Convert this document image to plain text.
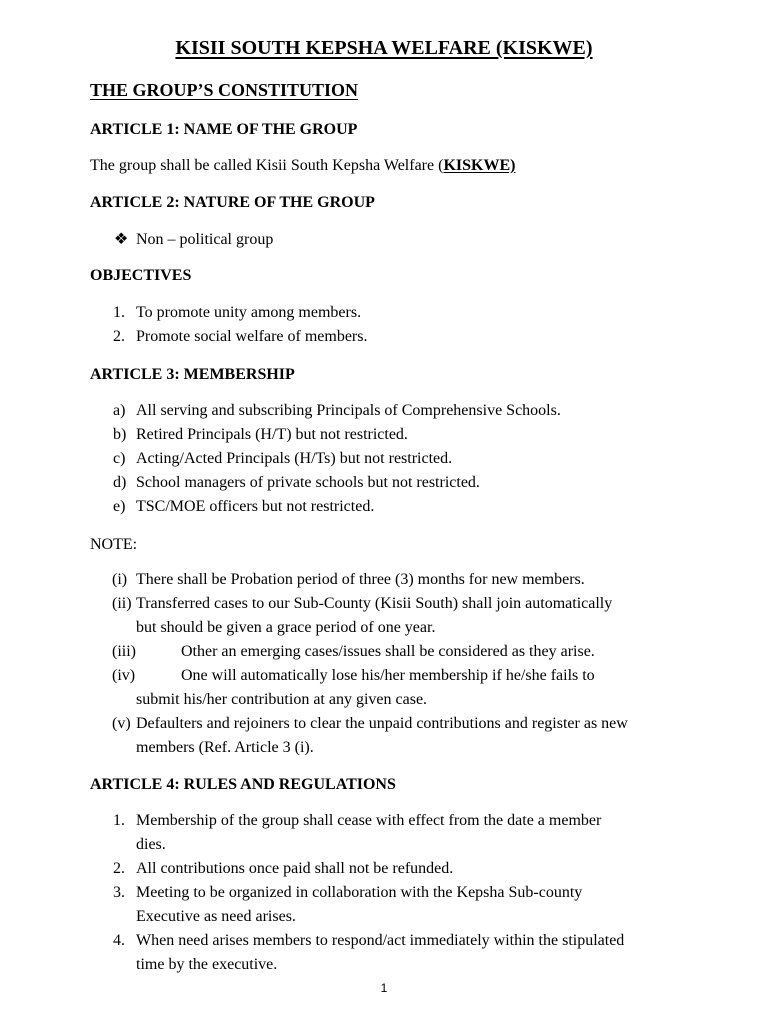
KISII SOUTH KEPSHA WELFARE (KISKWE)
THE GROUP’S CONSTITUTION
ARTICLE 1: NAME OF THE GROUP
The group shall be called Kisii South Kepsha Welfare (KISKWE)
ARTICLE 2: NATURE OF THE GROUP
❖ Non – political group
OBJECTIVES
1. To promote unity among members.
2. Promote social welfare of members.
ARTICLE 3: MEMBERSHIP
a) All serving and subscribing Principals of Comprehensive Schools.
b) Retired Principals (H/T) but not restricted.
c) Acting/Acted Principals (H/Ts) but not restricted.
d) School managers of private schools but not restricted.
e) TSC/MOE officers but not restricted.
NOTE:
(i) There shall be Probation period of three (3) months for new members.
(ii) Transferred cases to our Sub-County (Kisii South) shall join automatically
but should be given a grace period of one year.
(iii)	Other an emerging cases/issues shall be considered as they arise.
(iv)	One will automatically lose his/her membership if he/she fails to
submit his/her contribution at any given case.
(v) Defaulters and rejoiners to clear the unpaid contributions and register as new
members (Ref. Article 3 (i).
ARTICLE 4: RULES AND REGULATIONS
1. Membership of the group shall cease with effect from the date a member
dies.
2. All contributions once paid shall not be refunded.
3. Meeting to be organized in collaboration with the Kepsha Sub-county
Executive as need arises.
4. When need arises members to respond/act immediately within the stipulated
time by the executive.
1
